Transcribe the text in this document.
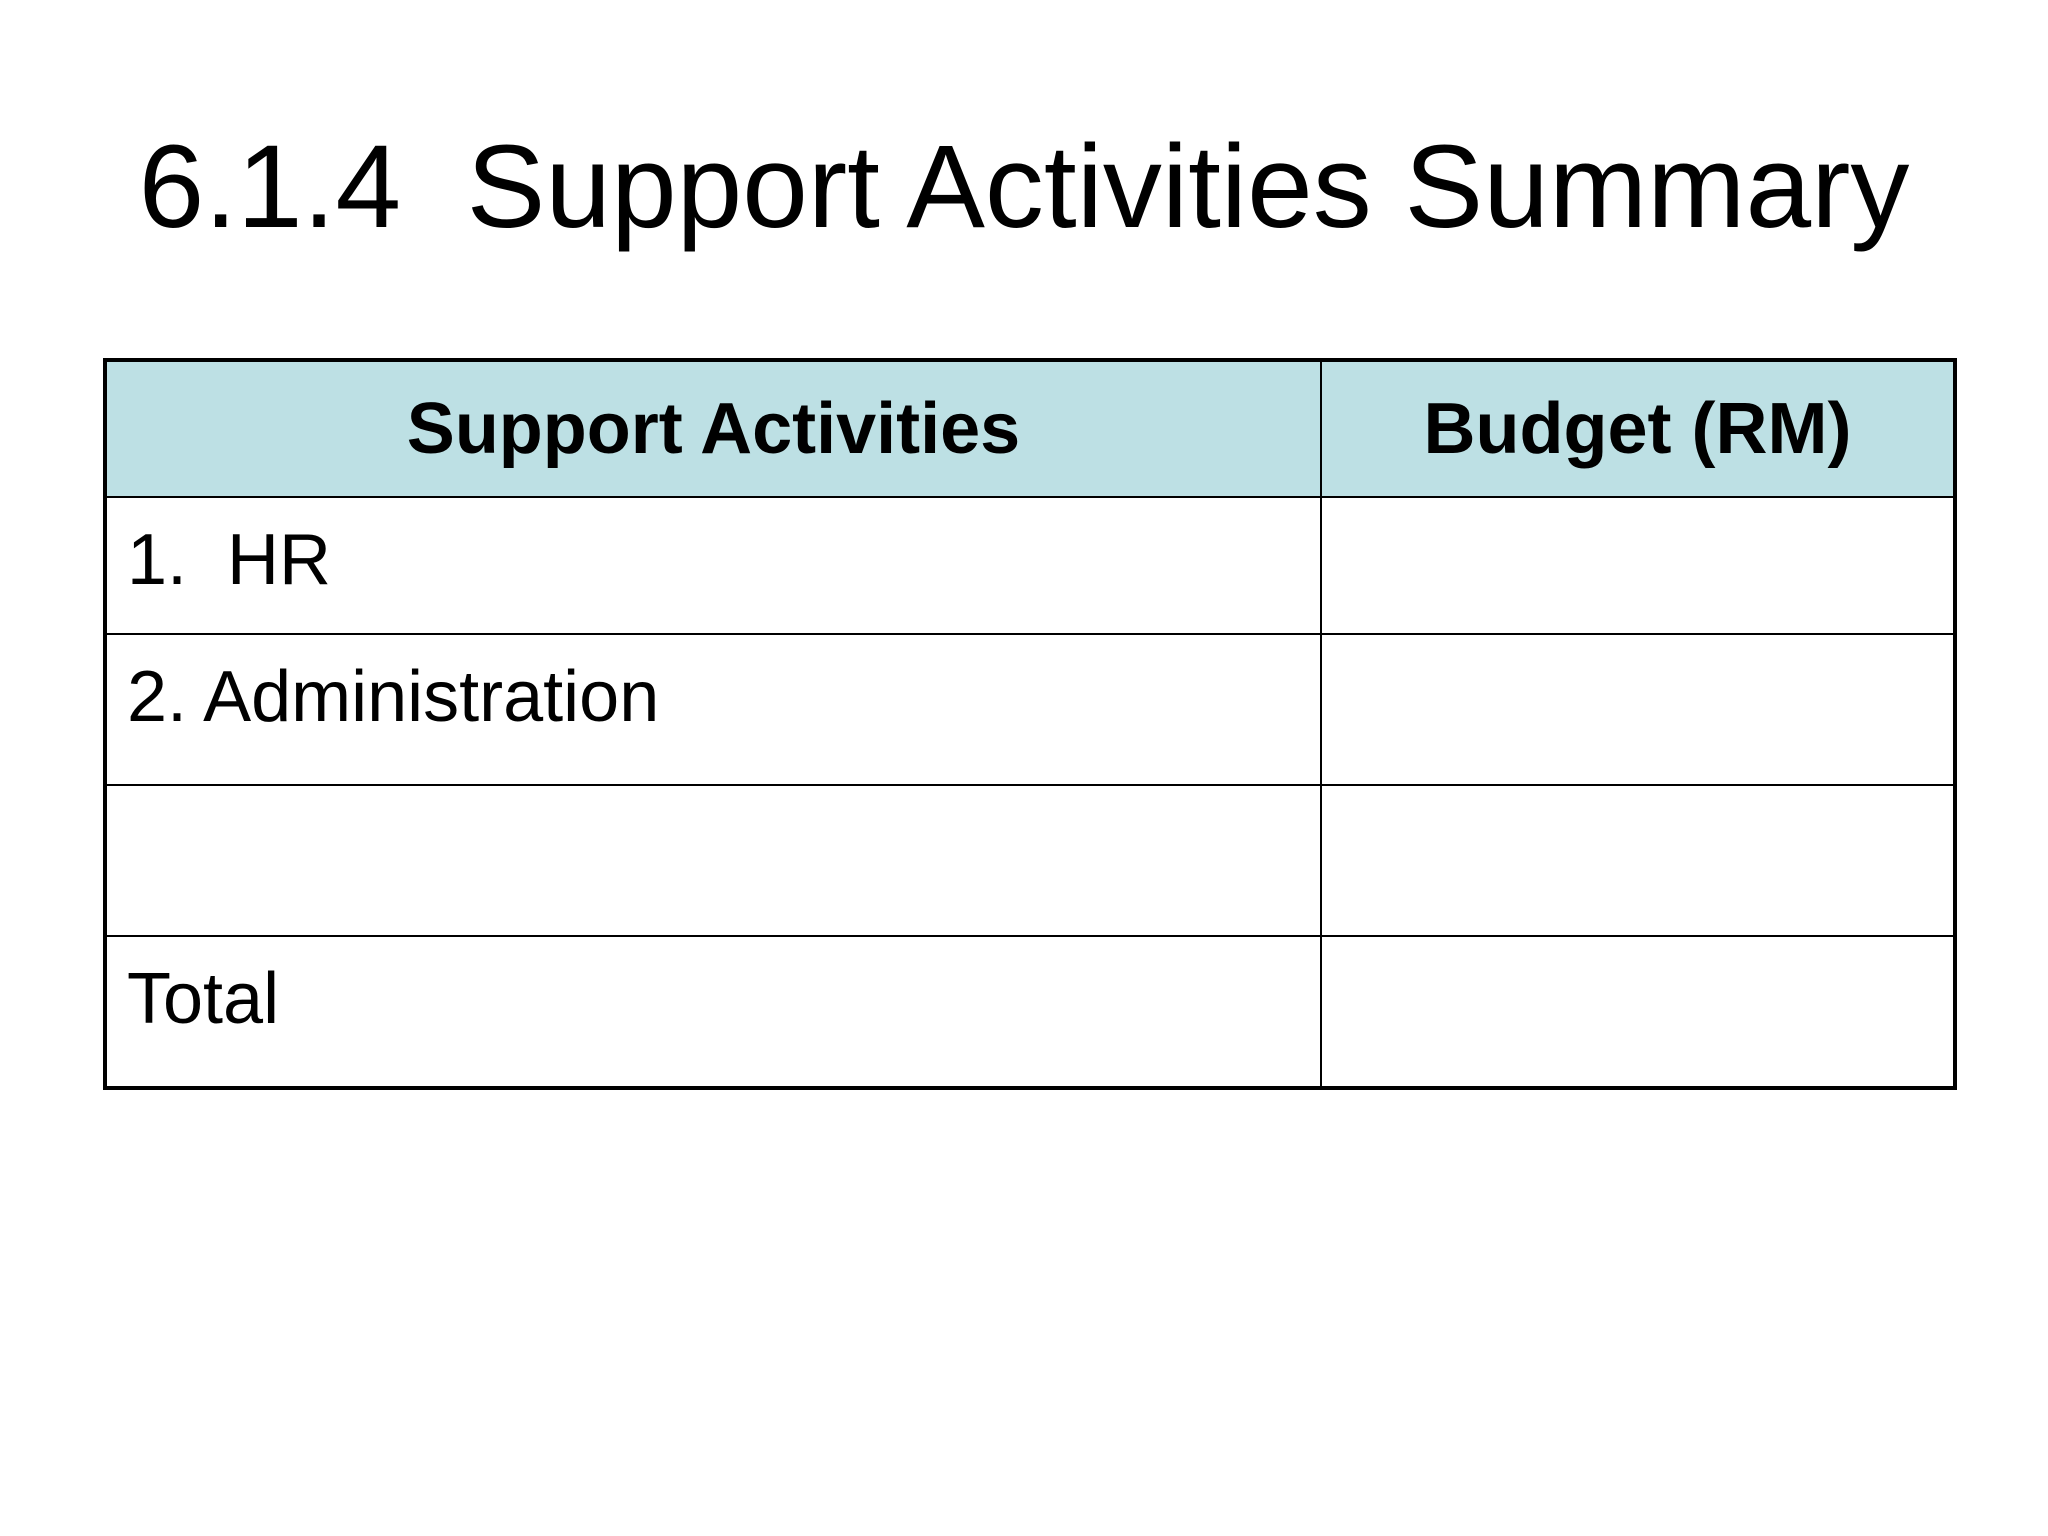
6.1.4  Support Activities Summary
Support Activities	Budget (RM)
1.  HR	
2. Administration	

Total	
